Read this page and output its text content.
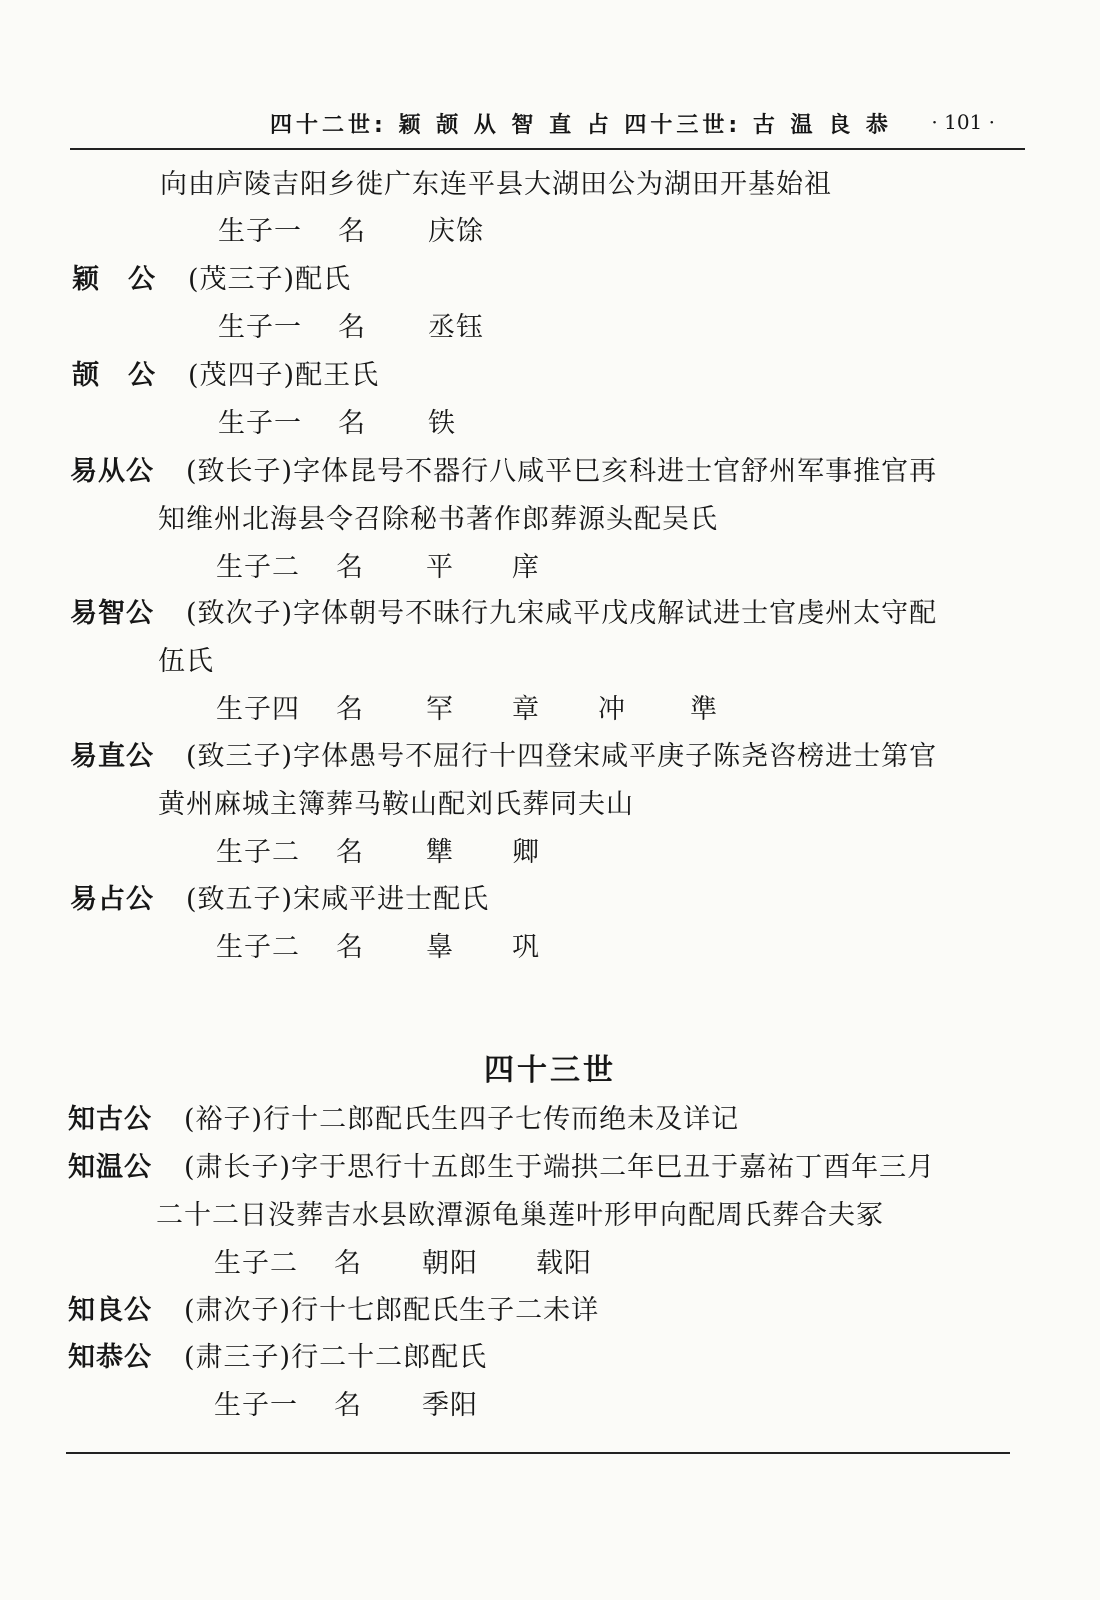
四十二世: 颖 颉 从 智 直 占 四十三世: 古 温 良 恭 · 101 ·
向由庐陵吉阳乡徙广东连平县大湖田公为湖田开基始祖
生子一 名 庆馀
颖　公 (茂三子)配氏
生子一 名 丞钰
颉　公 (茂四子)配王氏
生子一 名 铁
易从公 (致长子)字体昆号不器行八咸平巳亥科进士官舒州军事推官再
知维州北海县令召除秘书著作郎葬源头配吴氏
生子二 名 平 庠
易智公 (致次子)字体朝号不昧行九宋咸平戊戌解试进士官虔州太守配
伍氏
生子四 名 罕 章 冲 準
易直公 (致三子)字体愚号不屈行十四登宋咸平庚子陈尧咨榜进士第官
黄州麻城主簿葬马鞍山配刘氏葬同夫山
生子二 名 犨 卿
易占公 (致五子)宋咸平进士配氏
生子二 名 辠 巩
四十三世
知古公 (裕子)行十二郎配氏生四子七传而绝未及详记
知温公 (肃长子)字于思行十五郎生于端拱二年巳丑于嘉祐丁酉年三月
二十二日没葬吉水县欧潭源龟巢莲叶形甲向配周氏葬合夫冢
生子二 名 朝阳 载阳
知良公 (肃次子)行十七郎配氏生子二未详
知恭公 (肃三子)行二十二郎配氏
生子一 名 季阳
